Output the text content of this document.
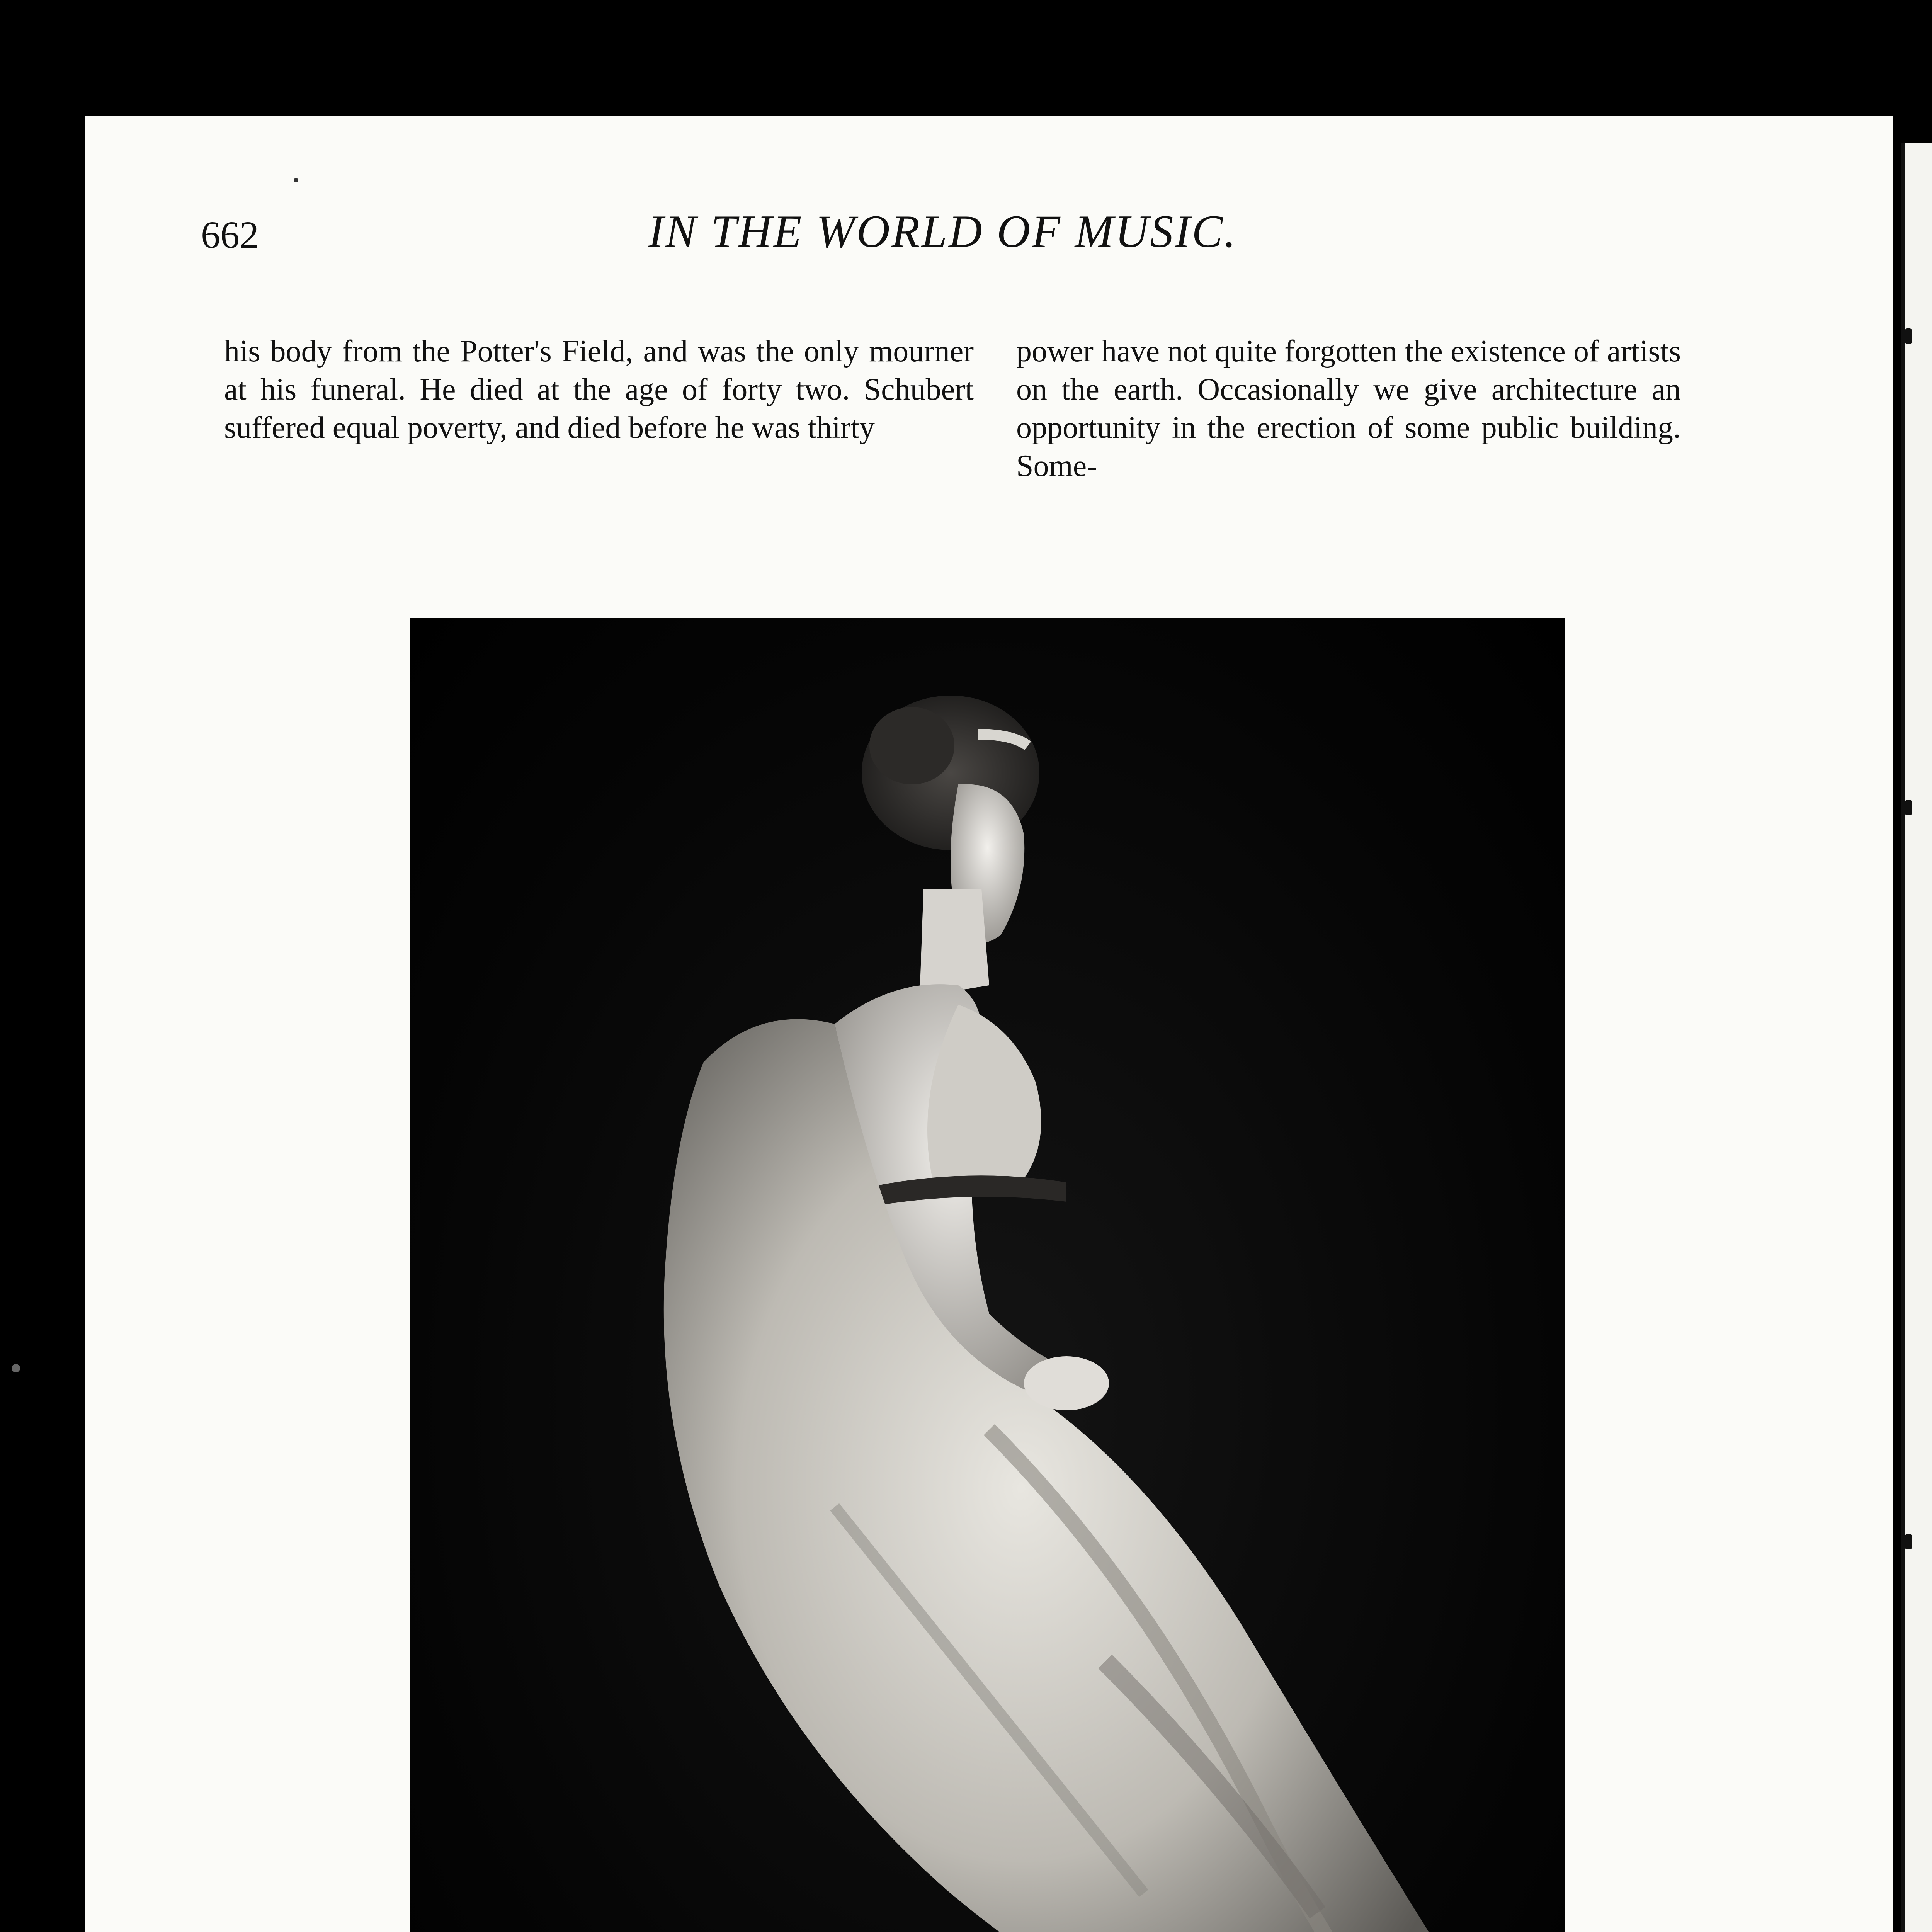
662	IN THE WORLD OF MUSIC.

his body from the Potter's Field, and was the only mourner at his funeral. He died at the age of forty two. Schubert suffered equal poverty, and died before he was thirty

power have not quite forgotten the existence of artists on the earth. Occasionally we give architecture an opportunity in the erection of some public building. Some-
